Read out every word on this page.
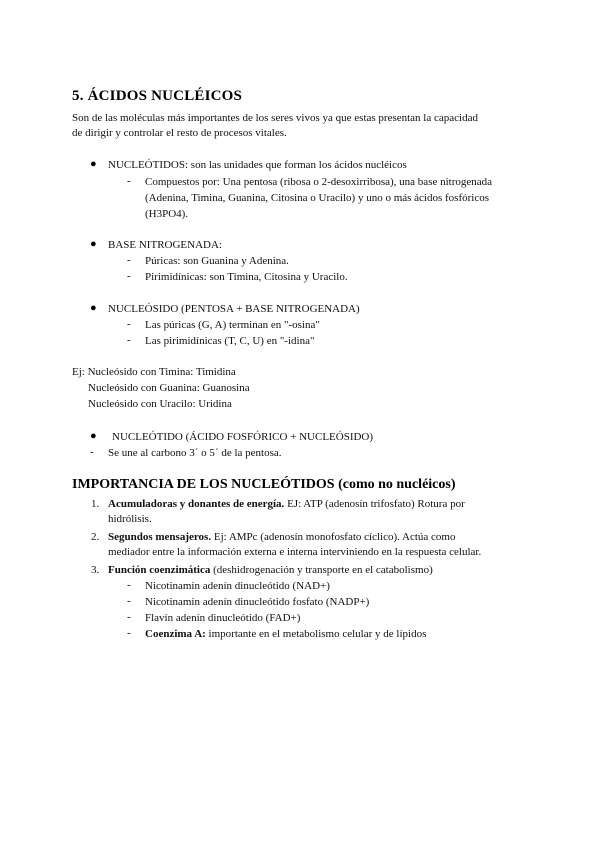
5. ÁCIDOS NUCLÉICOS
Son de las moléculas más importantes de los seres vivos ya que estas presentan la capacidad
de dirigir y controlar el resto de procesos vitales.
● NUCLEÓTIDOS: son las unidades que forman los ácidos nucléicos
- Compuestos por: Una pentosa (ribosa o 2-desoxirribosa), una base nitrogenada
(Adenina, Timina, Guanina, Citosina o Uracilo) y uno o más ácidos fosfóricos
(H3PO4).
● BASE NITROGENADA:
- Púricas: son Guanina y Adenina.
- Pirimidínicas: son Timina, Citosina y Uracilo.
● NUCLEÓSIDO (PENTOSA + BASE NITROGENADA)
- Las púricas (G, A) terminan en "-osina"
- Las pirimidínicas (T, C, U) en "-idina"
Ej: Nucleósido con Timina: Timidina
Nucleósido con Guanina: Guanosina
Nucleósido con Uracilo: Uridina
● NUCLEÓTIDO (ÁCIDO FOSFÓRICO + NUCLEÓSIDO)
- Se une al carbono 3´ o 5´ de la pentosa.
IMPORTANCIA DE LOS NUCLEÓTIDOS (como no nucléicos)
1. Acumuladoras y donantes de energía. EJ: ATP (adenosín trifosfato) Rotura por
hidrólisis.
2. Segundos mensajeros. Ej: AMPc (adenosín monofosfato cíclico). Actúa como
mediador entre la información externa e interna interviniendo en la respuesta celular.
3. Función coenzimática (deshidrogenación y transporte en el catabolismo)
- Nicotinamín adenín dinucleótido (NAD+)
- Nicotinamín adenín dinucleótido fosfato (NADP+)
- Flavín adenín dinucleótido (FAD+)
- Coenzima A: importante en el metabolismo celular y de lípidos
